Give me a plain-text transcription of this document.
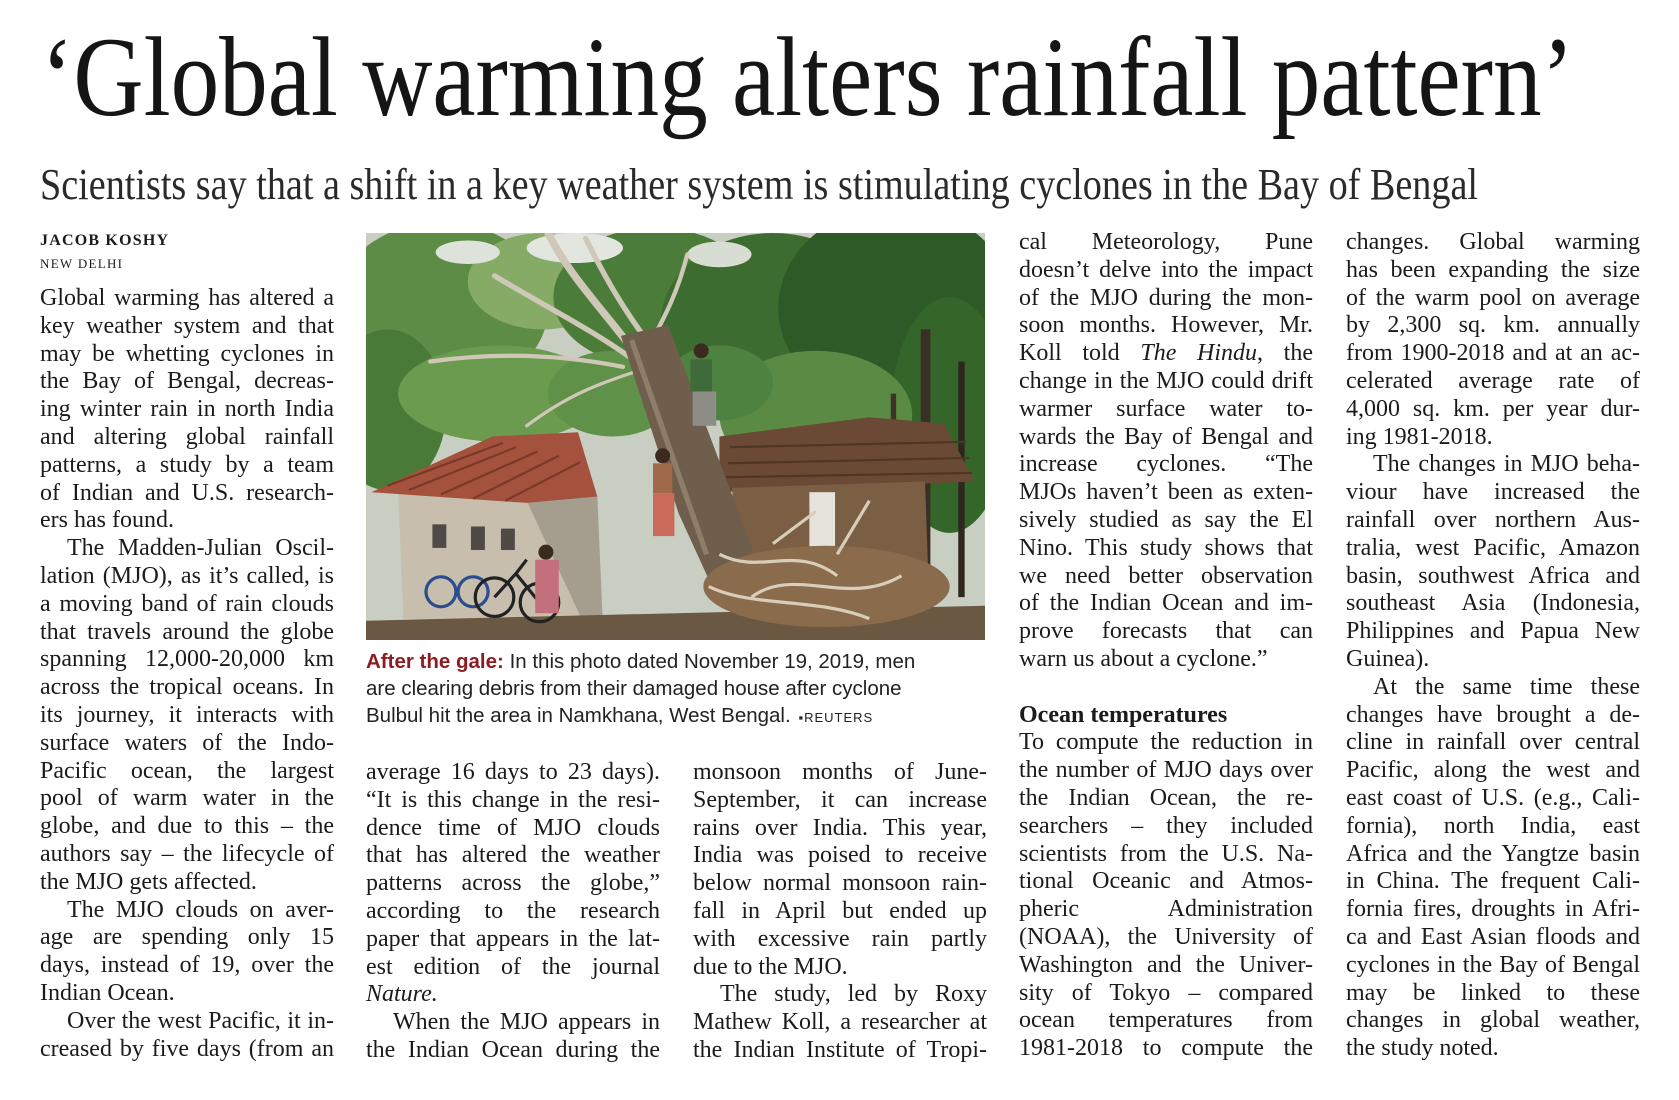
‘Global warming alters rainfall pattern’
Scientists say that a shift in a key weather system is stimulating cyclones in the Bay of Bengal
JACOB KOSHY
NEW DELHI
Global warming has altered a
key weather system and that
may be whetting cyclones in
the Bay of Bengal, decreas-
ing winter rain in north India
and altering global rainfall
patterns, a study by a team
of Indian and U.S. research-
ers has found.
The Madden-Julian Oscil-
lation (MJO), as it’s called, is
a moving band of rain clouds
that travels around the globe
spanning 12,000-20,000 km
across the tropical oceans. In
its journey, it interacts with
surface waters of the Indo-
Pacific ocean, the largest
pool of warm water in the
globe, and due to this – the
authors say – the lifecycle of
the MJO gets affected.
The MJO clouds on aver-
age are spending only 15
days, instead of 19, over the
Indian Ocean.
Over the west Pacific, it in-
creased by five days (from an
average 16 days to 23 days).
“It is this change in the resi-
dence time of MJO clouds
that has altered the weather
patterns across the globe,”
according to the research
paper that appears in the lat-
est edition of the journal
Nature.
When the MJO appears in
the Indian Ocean during the
monsoon months of June-
September, it can increase
rains over India. This year,
India was poised to receive
below normal monsoon rain-
fall in April but ended up
with excessive rain partly
due to the MJO.
The study, led by Roxy
Mathew Koll, a researcher at
the Indian Institute of Tropi-
cal Meteorology, Pune
doesn’t delve into the impact
of the MJO during the mon-
soon months. However, Mr.
Koll told The Hindu, the
change in the MJO could drift
warmer surface water to-
wards the Bay of Bengal and
increase cyclones. “The
MJOs haven’t been as exten-
sively studied as say the El
Nino. This study shows that
we need better observation
of the Indian Ocean and im-
prove forecasts that can
warn us about a cyclone.”
Ocean temperatures
To compute the reduction in
the number of MJO days over
the Indian Ocean, the re-
searchers – they included
scientists from the U.S. Na-
tional Oceanic and Atmos-
pheric Administration
(NOAA), the University of
Washington and the Univer-
sity of Tokyo – compared
ocean temperatures from
1981-2018 to compute the
changes. Global warming
has been expanding the size
of the warm pool on average
by 2,300 sq. km. annually
from 1900-2018 and at an ac-
celerated average rate of
4,000 sq. km. per year dur-
ing 1981-2018.
The changes in MJO beha-
viour have increased the
rainfall over northern Aus-
tralia, west Pacific, Amazon
basin, southwest Africa and
southeast Asia (Indonesia,
Philippines and Papua New
Guinea).
At the same time these
changes have brought a de-
cline in rainfall over central
Pacific, along the west and
east coast of U.S. (e.g., Cali-
fornia), north India, east
Africa and the Yangtze basin
in China. The frequent Cali-
fornia fires, droughts in Afri-
ca and East Asian floods and
cyclones in the Bay of Bengal
may be linked to these
changes in global weather,
the study noted.
After the gale: In this photo dated November 19, 2019, men
are clearing debris from their damaged house after cyclone
Bulbul hit the area in Namkhana, West Bengal. ▪REUTERS
